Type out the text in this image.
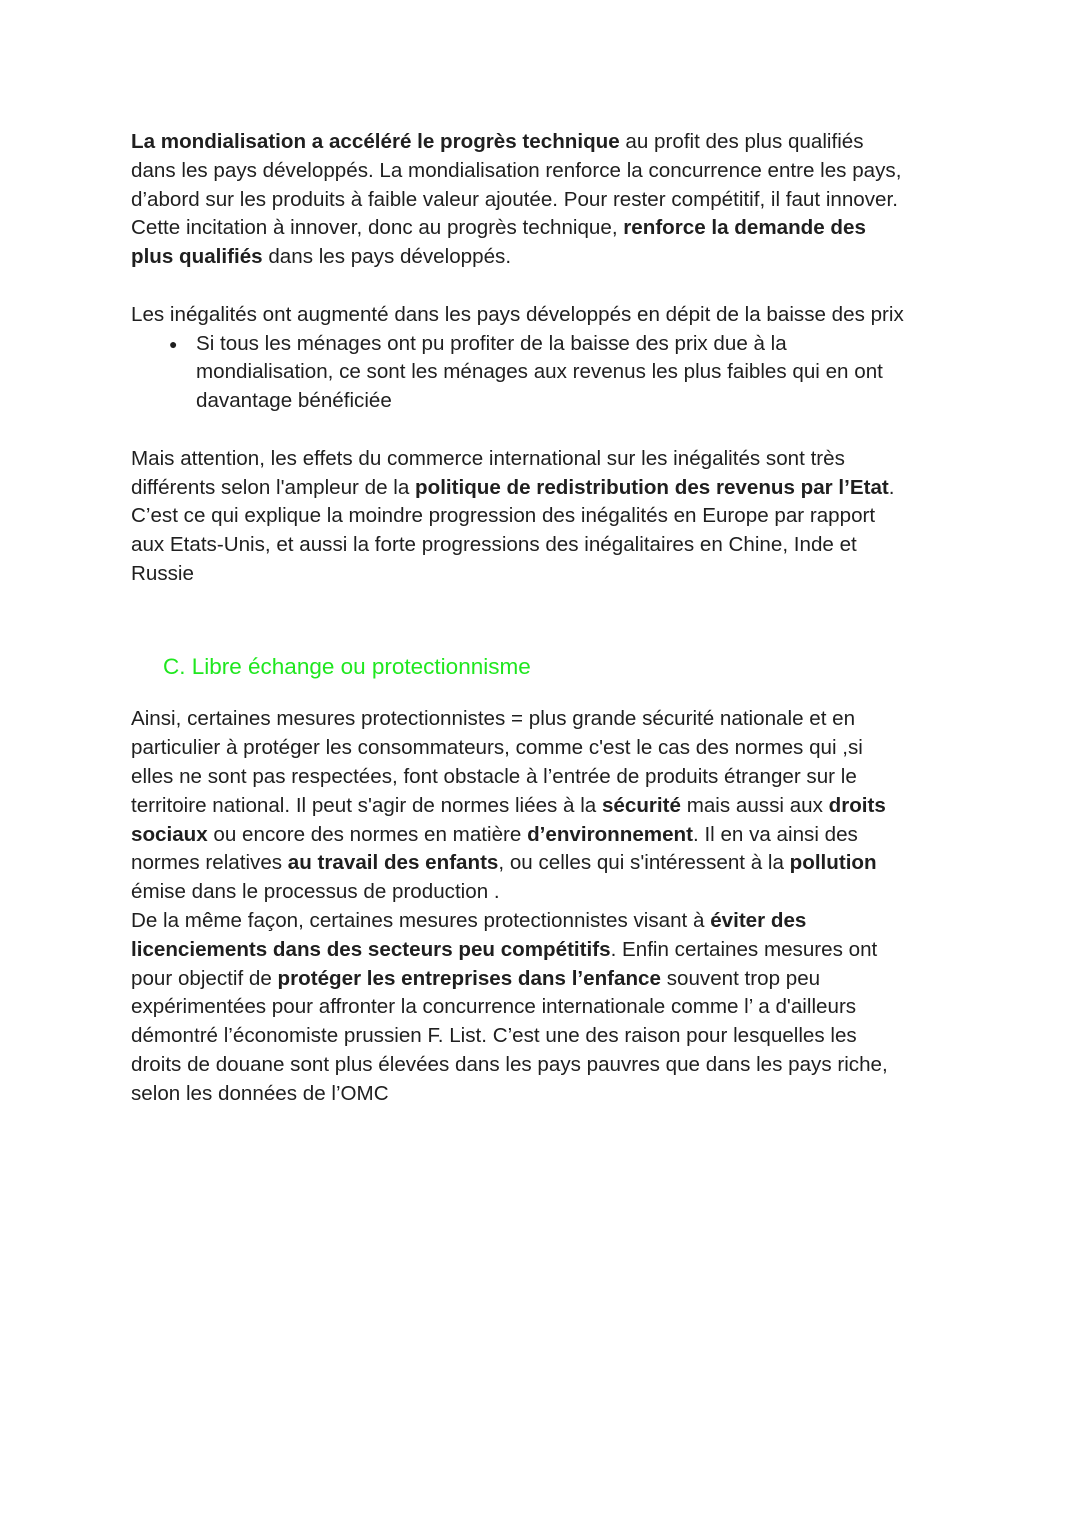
La mondialisation a accéléré le progrès technique au profit des plus qualifiés
dans les pays développés. La mondialisation renforce la concurrence entre les pays,
d’abord sur les produits à faible valeur ajoutée. Pour rester compétitif, il faut innover.
Cette incitation à innover, donc au progrès technique, renforce la demande des
plus qualifiés dans les pays développés.
Les inégalités ont augmenté dans les pays développés en dépit de la baisse des prix
● Si tous les ménages ont pu profiter de la baisse des prix due à la
mondialisation, ce sont les ménages aux revenus les plus faibles qui en ont
davantage bénéficiée
Mais attention, les effets du commerce international sur les inégalités sont très
différents selon l'ampleur de la politique de redistribution des revenus par l’Etat.
C’est ce qui explique la moindre progression des inégalités en Europe par rapport
aux Etats-Unis, et aussi la forte progressions des inégalitaires en Chine, Inde et
Russie
C. Libre échange ou protectionnisme
Ainsi, certaines mesures protectionnistes = plus grande sécurité nationale et en
particulier à protéger les consommateurs, comme c'est le cas des normes qui ,si
elles ne sont pas respectées, font obstacle à l’entrée de produits étranger sur le
territoire national. Il peut s'agir de normes liées à la sécurité mais aussi aux droits
sociaux ou encore des normes en matière d’environnement. Il en va ainsi des
normes relatives au travail des enfants, ou celles qui s'intéressent à la pollution
émise dans le processus de production .
De la même façon, certaines mesures protectionnistes visant à éviter des
licenciements dans des secteurs peu compétitifs. Enfin certaines mesures ont
pour objectif de protéger les entreprises dans l’enfance souvent trop peu
expérimentées pour affronter la concurrence internationale comme l’ a d'ailleurs
démontré l’économiste prussien F. List. C’est une des raison pour lesquelles les
droits de douane sont plus élevées dans les pays pauvres que dans les pays riche,
selon les données de l’OMC
